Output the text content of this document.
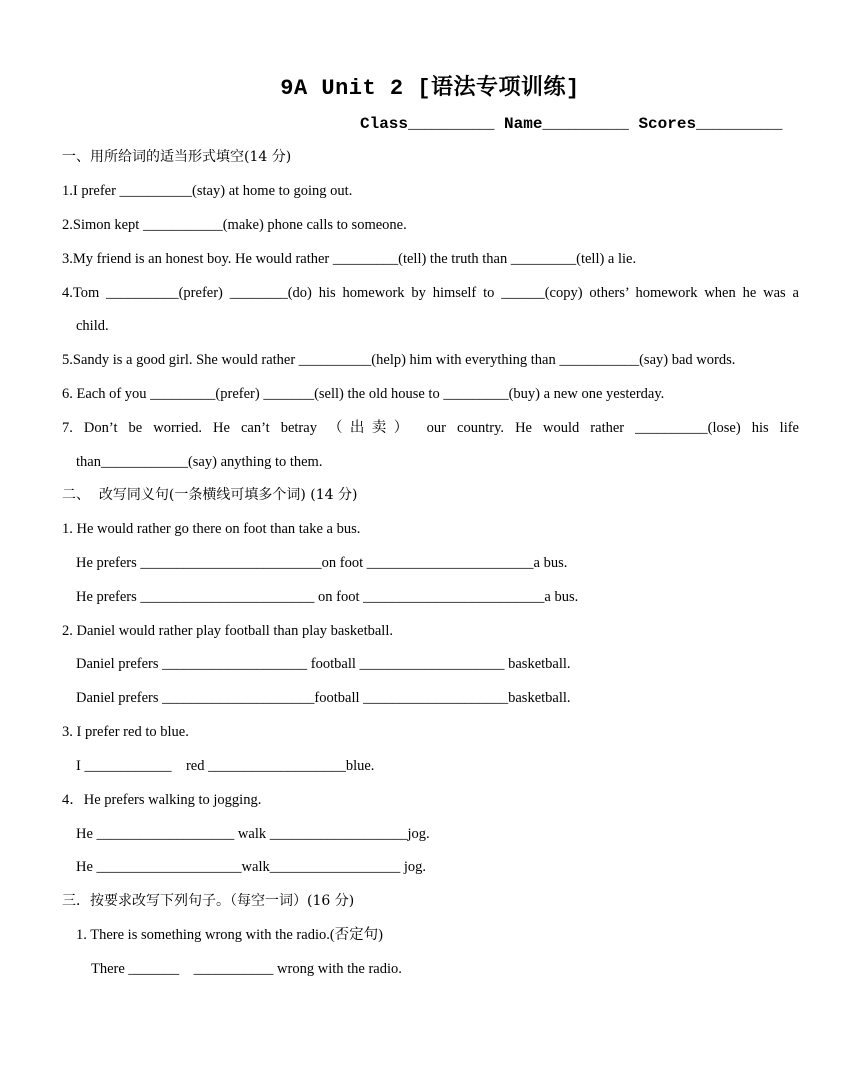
9A Unit 2 [语法专项训练]
Class_________ Name_________ Scores_________
一、用所给词的适当形式填空(14 分)
1.I prefer __________(stay) at home to going out.
2.Simon kept ___________(make) phone calls to someone.
3.My friend is an honest boy. He would rather _________(tell) the truth than _________(tell) a lie.
4.Tom __________(prefer) ________(do) his homework by himself to ______(copy) others’ homework when he was a
child.
5.Sandy is a good girl. She would rather __________(help) him with everything than ___________(say) bad words.
6. Each of you _________(prefer) _______(sell) the old house to _________(buy) a new one yesterday.
7. Don’t be worried. He can’t betray （出卖） our country. He would rather __________(lose) his life
than____________(say) anything to them.
二、  改写同义句(一条横线可填多个词) (14 分)
1. He would rather go there on foot than take a bus.
He prefers _________________________on foot _______________________a bus.
He prefers ________________________ on foot _________________________a bus.
2. Daniel would rather play football than play basketball.
Daniel prefers ____________________ football ____________________ basketball.
Daniel prefers _____________________football ____________________basketball.
3. I prefer red to blue.
I ____________    red ___________________blue.
4．He prefers walking to jogging.
He ___________________ walk ___________________jog.
He ____________________walk__________________ jog.
三．按要求改写下列句子。（每空一词）(16 分)
1. There is something wrong with the radio.(否定句)
There _______    ___________ wrong with the radio.
